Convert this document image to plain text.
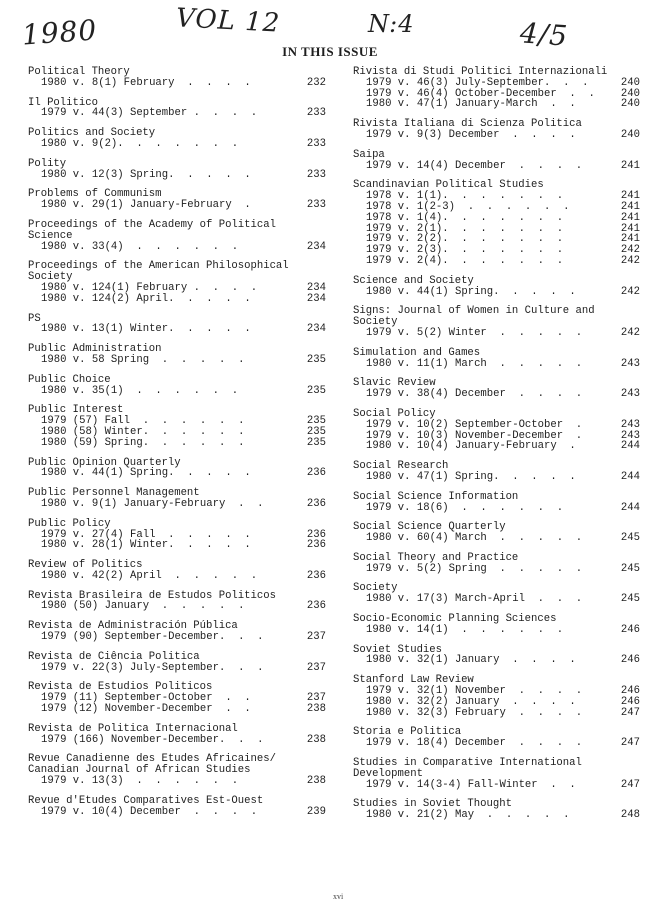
1980	VOL 12	N:4	4/5
IN THIS ISSUE
Political Theory
1980 v. 8(1) February  .  .  .  .	232
Il Politico
1979 v. 44(3) September .  .  .  .	233
Politics and Society
1980 v. 9(2).  .  .  .  .  .  .	233
Polity
1980 v. 12(3) Spring.  .  .  .  .	233
Problems of Communism
1980 v. 29(1) January-February  .	233
Proceedings of the Academy of Political Science
1980 v. 33(4)  .  .  .  .  .  .	234
Proceedings of the American Philosophical Society
1980 v. 124(1) February .  .  .  .	234
1980 v. 124(2) April.  .  .  .  .	234
PS
1980 v. 13(1) Winter.  .  .  .  .	234
Public Administration
1980 v. 58 Spring  .  .  .  .  .	235
Public Choice
1980 v. 35(1)  .  .  .  .  .  .	235
Public Interest
1979 (57) Fall  .  .  .  .  .  .	235
1980 (58) Winter.  .  .  .  .  .	235
1980 (59) Spring.  .  .  .  .  .	235
Public Opinion Quarterly
1980 v. 44(1) Spring.  .  .  .  .	236
Public Personnel Management
1980 v. 9(1) January-February  .  .	236
Public Policy
1979 v. 27(4) Fall  .  .  .  .  .	236
1980 v. 28(1) Winter.  .  .  .  .	236
Review of Politics
1980 v. 42(2) April  .  .  .  .  .	236
Revista Brasileira de Estudos Politicos
1980 (50) January  .  .  .  .  .	236
Revista de Administración Pública
1979 (90) September-December.  .  .	237
Revista de Ciência Politica
1979 v. 22(3) July-September.  .  .	237
Revista de Estudios Politicos
1979 (11) September-October  .  .	237
1979 (12) November-December  .  .	238
Revista de Politica Internacional
1979 (166) November-December.  .  .	238
Revue Canadienne des Etudes Africaines/ Canadian Journal of African Studies
1979 v. 13(3)  .  .  .  .  .  .	238
Revue d'Etudes Comparatives Est-Ouest
1979 v. 10(4) December  .  .  .  .	239
Rivista di Studi Politici Internazionali
1979 v. 46(3) July-September.  .  .	240
1979 v. 46(4) October-December  .  . 240
1980 v. 47(1) January-March  .  .	240
Rivista Italiana di Scienza Politica
1979 v. 9(3) December  .  .  .  .	240
Saipa
1979 v. 14(4) December  .  .  .  .	241
Scandinavian Political Studies
1978 v. 1(1).  .  .  .  .  .  .	241
1978 v. 1(2-3)  .  .  .  .  .  .	241
1978 v. 1(4).  .  .  .  .  .  .	241
1979 v. 2(1).  .  .  .  .  .  .	241
1979 v. 2(2).  .  .  .  .  .  .	241
1979 v. 2(3).  .  .  .  .  .  .	242
1979 v. 2(4).  .  .  .  .  .  .	242
Science and Society
1980 v. 44(1) Spring.  .  .  .  .	242
Signs: Journal of Women in Culture and Society
1979 v. 5(2) Winter  .  .  .  .  .	242
Simulation and Games
1980 v. 11(1) March  .  .  .  .  .	243
Slavic Review
1979 v. 38(4) December  .  .  .  .	243
Social Policy
1979 v. 10(2) September-October  .	243
1979 v. 10(3) November-December  .	243
1980 v. 10(4) January-February  .	244
Social Research
1980 v. 47(1) Spring.  .  .  .  .	244
Social Science Information
1979 v. 18(6)  .  .  .  .  .  .	244
Social Science Quarterly
1980 v. 60(4) March  .  .  .  .  .	245
Social Theory and Practice
1979 v. 5(2) Spring  .  .  .  .  .	245
Society
1980 v. 17(3) March-April  .  .  .	245
Socio-Economic Planning Sciences
1980 v. 14(1)  .  .  .  .  .  .	246
Soviet Studies
1980 v. 32(1) January  .  .  .  .	246
Stanford Law Review
1979 v. 32(1) November  .  .  .  .	246
1980 v. 32(2) January  .  .  .  .	246
1980 v. 32(3) February  .  .  .  .	247
Storia e Politica
1979 v. 18(4) December  .  .  .  .	247
Studies in Comparative International Development
1979 v. 14(3-4) Fall-Winter  .  .	247
Studies in Soviet Thought
1980 v. 21(2) May  .  .  .  .  .	248
xvi
